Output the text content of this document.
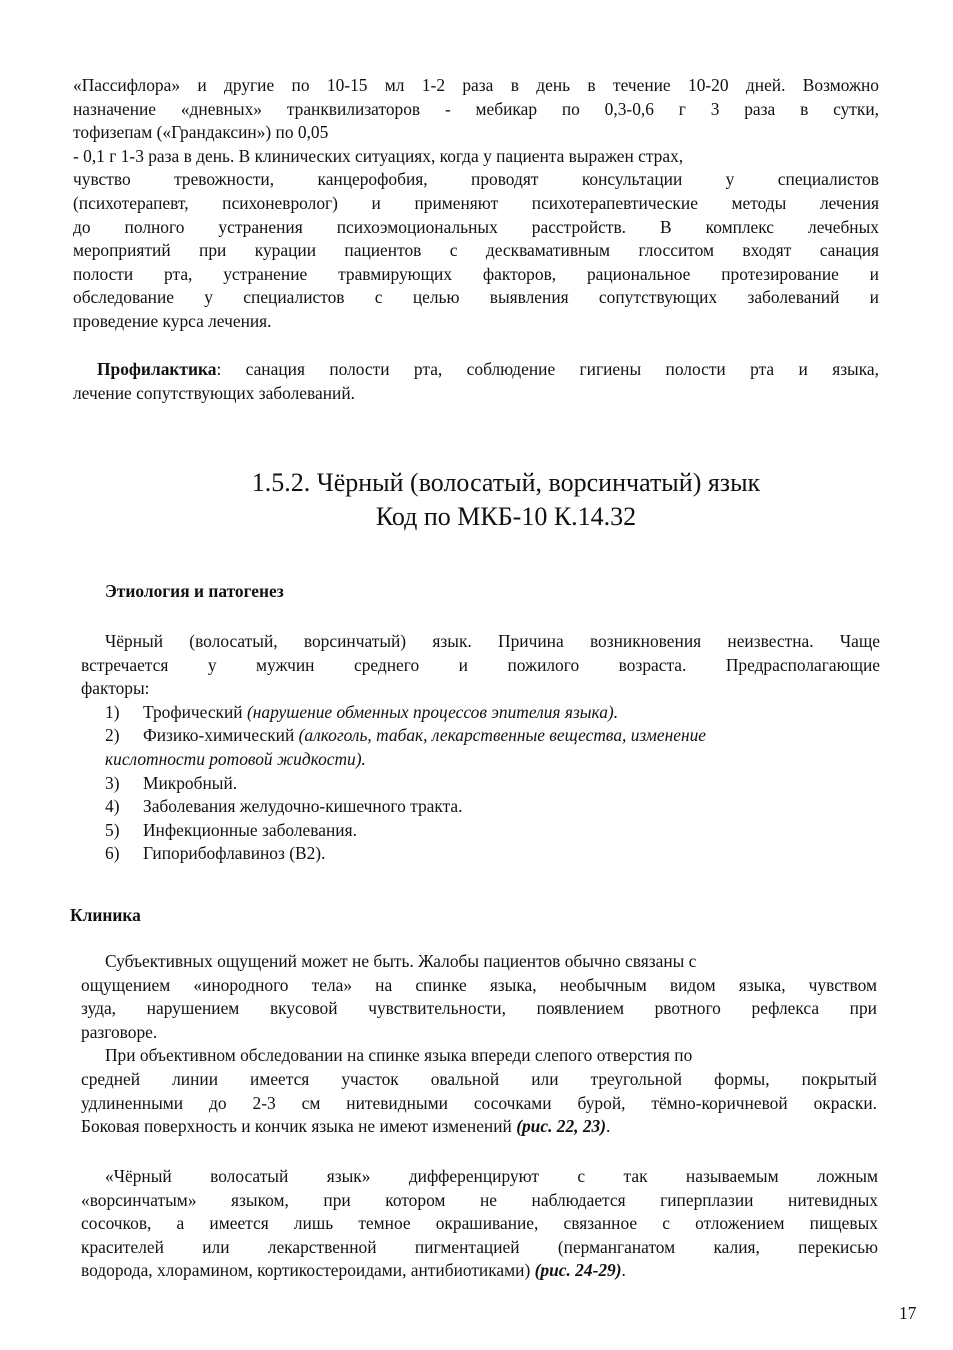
«Пассифлора» и другие по 10-15 мл 1-2 раза в день в течение 10-20 дней. Возможно

назначение «дневных» транквилизаторов - мебикар по 0,3-0,6 г 3 раза в сутки,

тофизепам («Грандаксин») по 0,05

- 0,1 г 1-3 раза в день. В клинических ситуациях, когда у пациента выражен страх,

чувство тревожности, канцерофобия, проводят консультации у специалистов

(психотерапевт, психоневролог) и применяют психотерапевтические методы лечения

до полного устранения психоэмоциональных расстройств. В комплекс лечебных

мероприятий при курации пациентов с десквамативным глосситом входят санация

полости рта, устранение травмирующих факторов, рациональное протезирование и

обследование у специалистов с целью выявления сопутствующих заболеваний и

проведение курса лечения.

Профилактика: санация полости рта, соблюдение гигиены полости рта и языка,

лечение сопутствующих заболеваний.

1.5.2. Чёрный (волосатый, ворсинчатый) язык
Код по МКБ-10 К.14.32
Этиология и патогенез

Чёрный (волосатый, ворсинчатый) язык. Причина возникновения неизвестна. Чаще

встречается у мужчин среднего и пожилого возраста. Предрасполагающие

факторы:

1) Трофический (нарушение обменных процессов эпителия языка).
2) Физико-химический (алкоголь, табак, лекарственные вещества, изменение
кислотности ротовой жидкости).
3) Микробный.
4) Заболевания желудочно-кишечного тракта.
5) Инфекционные заболевания.
6) Гипорибофлавиноз (В2).
Клиника

Субъективных ощущений может не быть. Жалобы пациентов обычно связаны с

ощущением «инородного тела» на спинке языка, необычным видом языка, чувством

зуда, нарушением вкусовой чувствительности, появлением рвотного рефлекса при

разговоре.

При объективном обследовании на спинке языка впереди слепого отверстия по

средней линии имеется участок овальной или треугольной формы, покрытый

удлиненными до 2-3 см нитевидными сосочками бурой, тёмно-коричневой окраски.

Боковая поверхность и кончик языка не имеют изменений (рис. 22, 23).

«Чёрный волосатый язык» дифференцируют с так называемым ложным

«ворсинчатым» языком, при котором не наблюдается гиперплазии нитевидных

сосочков, а имеется лишь темное окрашивание, связанное с отложением пищевых

красителей или лекарственной пигментацией (перманганатом калия, перекисью

водорода, хлорамином, кортикостероидами, антибиотиками) (рис. 24-29).

17
